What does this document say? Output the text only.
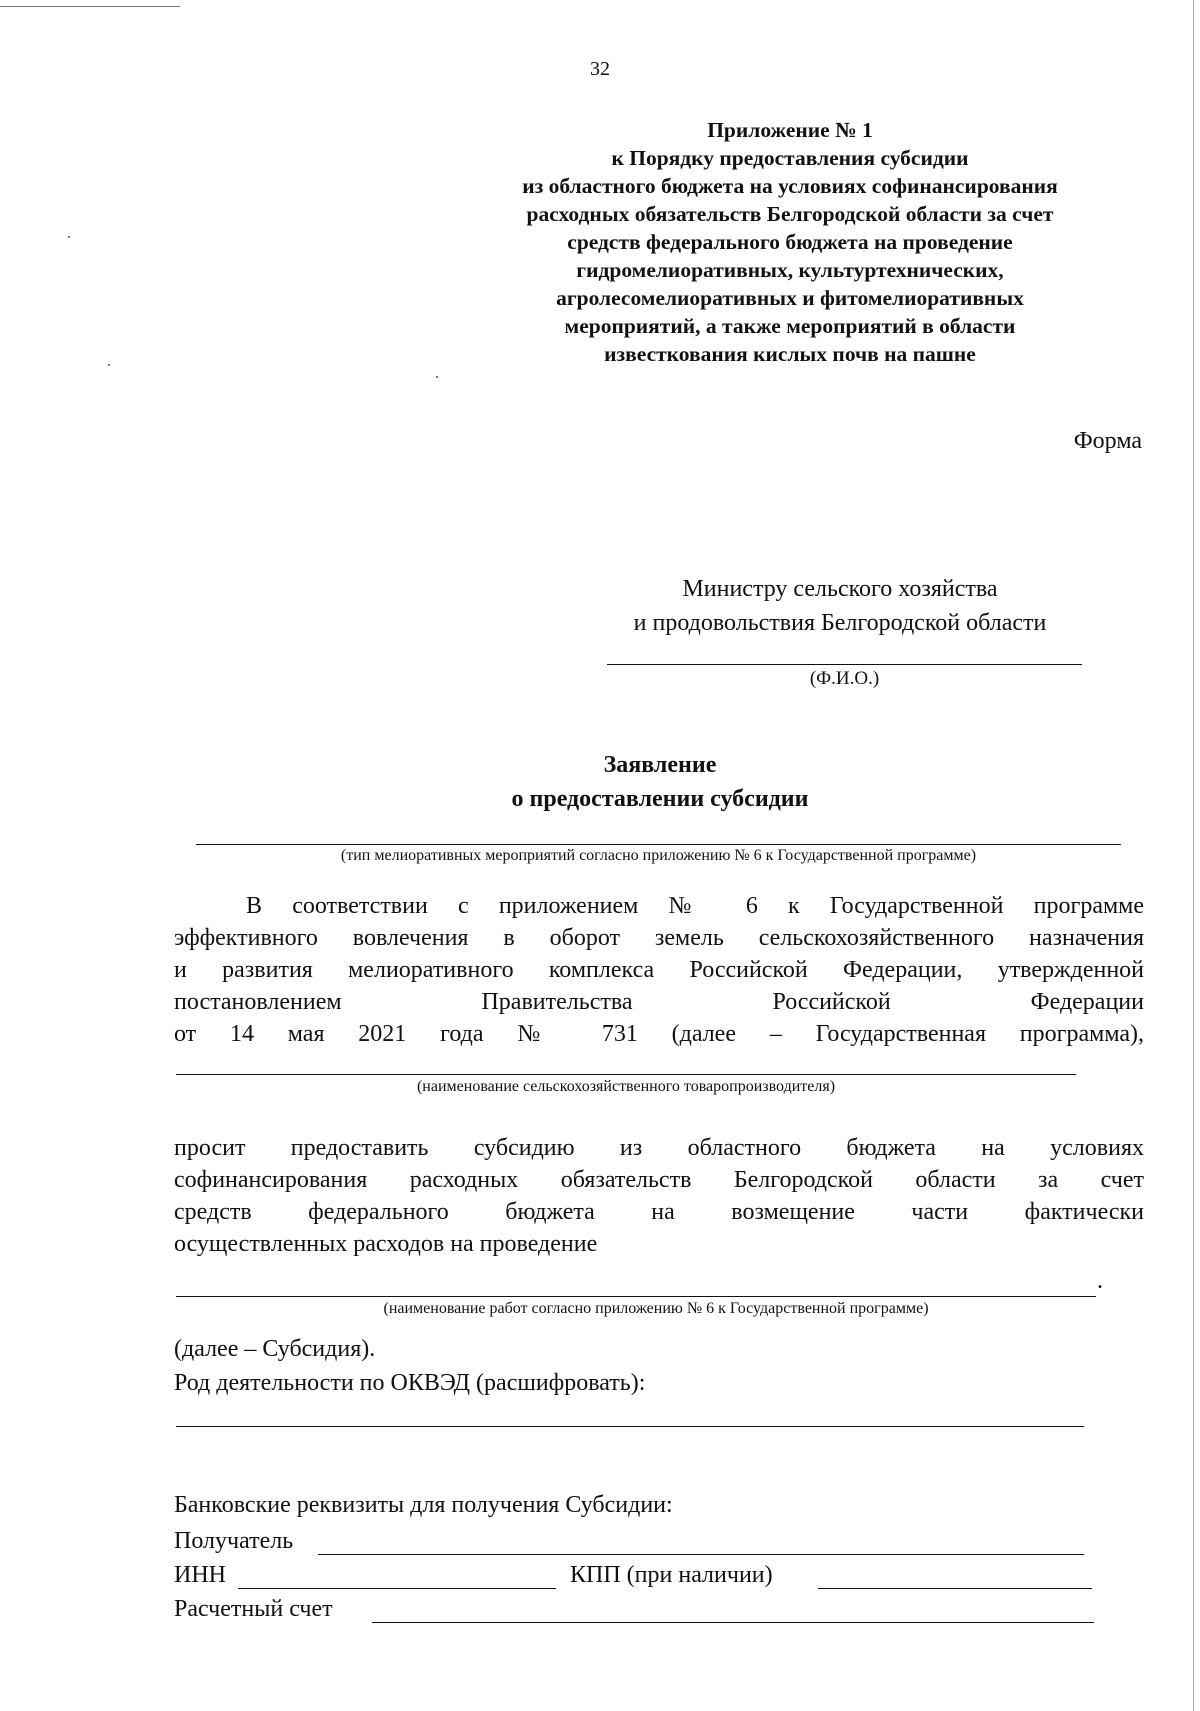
32
Приложение № 1
к Порядку предоставления субсидии
из областного бюджета на условиях софинансирования
расходных обязательств Белгородской области за счет
средств федерального бюджета на проведение
гидромелиоративных, культуртехнических,
агролесомелиоративных и фитомелиоративных
мероприятий, а также мероприятий в области
известкования кислых почв на пашне
Форма
Министру сельского хозяйства
и продовольствия Белгородской области
(Ф.И.О.)
Заявление
о предоставлении субсидии
(тип мелиоративных мероприятий согласно приложению № 6 к Государственной программе)
В соответствии с приложением № 6 к Государственной программе
эффективного вовлечения в оборот земель сельскохозяйственного назначения
и развития мелиоративного комплекса Российской Федерации, утвержденной
постановлением Правительства Российской Федерации
от 14 мая 2021 года № 731 (далее – Государственная программа),
(наименование сельскохозяйственного товаропроизводителя)
просит предоставить субсидию из областного бюджета на условиях
софинансирования расходных обязательств Белгородской области за счет
средств федерального бюджета на возмещение части фактически
осуществленных расходов на проведение
.
(наименование работ согласно приложению № 6 к Государственной программе)
(далее – Субсидия).
Род деятельности по ОКВЭД (расшифровать):
Банковские реквизиты для получения Субсидии:
Получатель
ИНН	КПП (при наличии)
Расчетный счет
